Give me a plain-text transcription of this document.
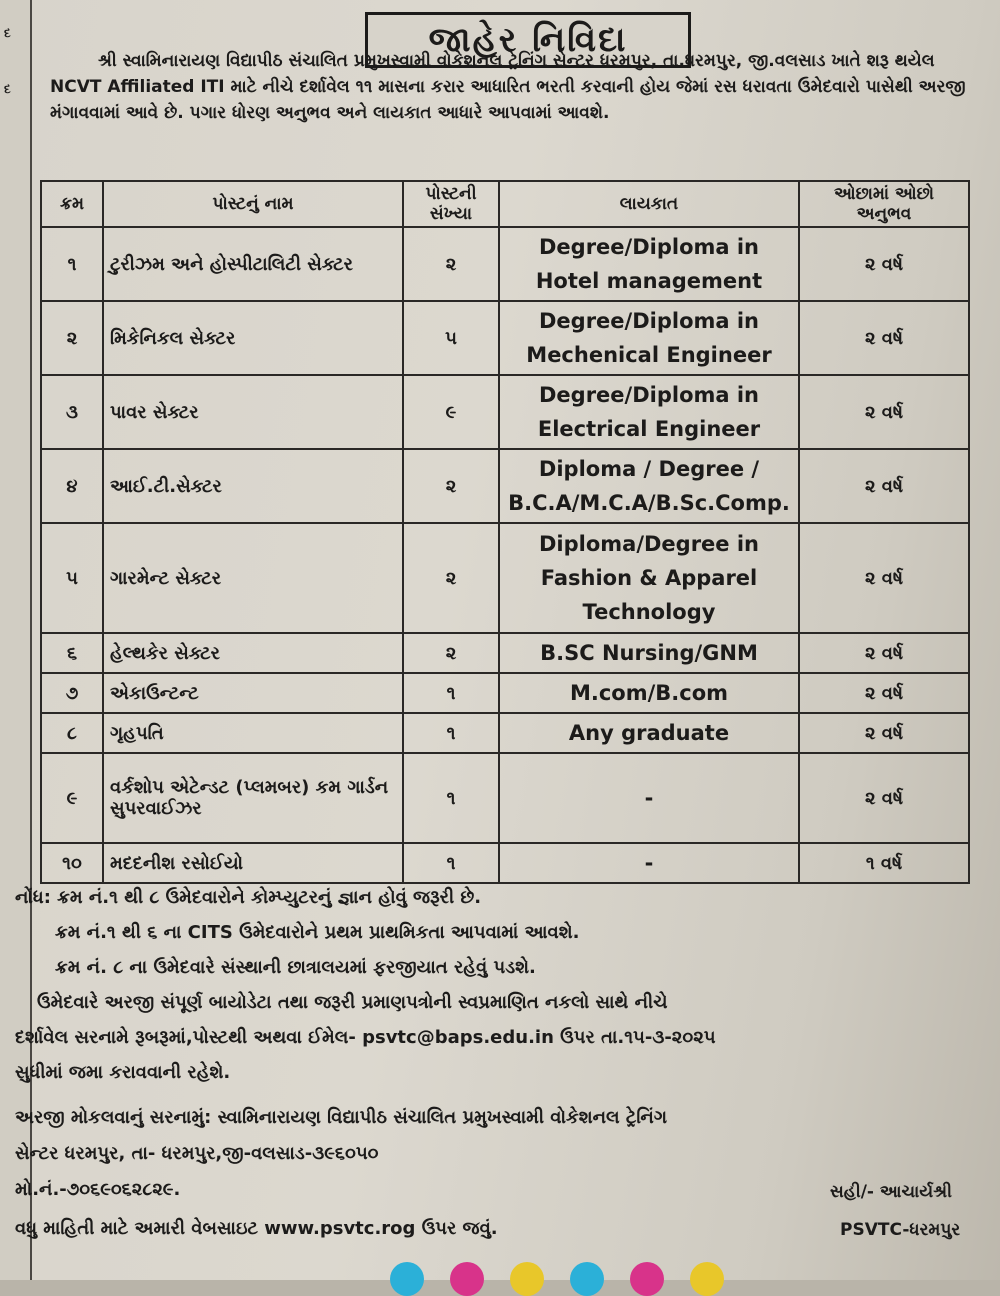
દ
દ
જાહેર નિવિદા
શ્રી સ્વામિનારાયણ વિદ્યાપીઠ સંચાલિત પ્રમુખસ્વામી વોકેશનલ ટ્રેનિંગ સેન્ટર ધરમપુર, તા.ધરમપુર, જી.વલસાડ ખાતે શરૂ થયેલ NCVT Affiliated ITI માટે નીચે દર્શાવેલ ૧૧ માસના કરાર આધારિત ભરતી કરવાની હોય જેમાં રસ ધરાવતા ઉમેદવારો પાસેથી અરજી મંગાવવામાં આવે છે. પગાર ધોરણ અનુભવ અને લાયકાત આધારે આપવામાં આવશે.
ક્રમ	પોસ્ટનું નામ	પોસ્ટની સંખ્યા	લાયકાત	ઓછામાં ઓછો અનુભવ
૧	ટુરીઝમ અને હોસ્પીટાલિટી સેક્ટર	૨	Degree/Diploma in Hotel management	૨ વર્ષ
૨	મિકેનિકલ સેક્ટર	૫	Degree/Diploma in Mechenical Engineer	૨ વર્ષ
૩	પાવર સેક્ટર	૯	Degree/Diploma in Electrical Engineer	૨ વર્ષ
૪	આઈ.ટી.સેક્ટર	૨	Diploma / Degree / B.C.A/M.C.A/B.Sc.Comp.	૨ વર્ષ
૫	ગારમેન્ટ સેક્ટર	૨	Diploma/Degree in Fashion & Apparel Technology	૨ વર્ષ
૬	હેલ્થકેર સેક્ટર	૨	B.SC Nursing/GNM	૨ વર્ષ
૭	એકાઉન્ટન્ટ	૧	M.com/B.com	૨ વર્ષ
૮	ગૃહપતિ	૧	Any graduate	૨ વર્ષ
૯	વર્કશોપ એટેન્ડટ (પ્લમબર) કમ ગાર્ડન સુપરવાઈઝર	૧	-	૨ વર્ષ
૧૦	મદદનીશ રસોઈયો	૧	-	૧ વર્ષ
નોંધ: ક્રમ નં.૧ થી ૮ ઉમેદવારોને કોમ્પ્યુટરનું જ્ઞાન હોવું જરૂરી છે.
ક્રમ નં.૧ થી ૬ ના CITS ઉમેદવારોને પ્રથમ પ્રાથમિકતા આપવામાં આવશે.
ક્રમ નં. ૮ ના ઉમેદવારે સંસ્થાની છાત્રાલયમાં ફરજીયાત રહેવું પડશે.
ઉમેદવારે અરજી સંપૂર્ણ બાયોડેટા તથા જરૂરી પ્રમાણપત્રોની સ્વપ્રમાણિત નકલો સાથે નીચે
દર્શાવેલ સરનામે રૂબરૂમાં,પોસ્ટથી અથવા ઈમેલ- psvtc@baps.edu.in ઉપર તા.૧૫-૩-૨૦૨૫
સુધીમાં જમા કરાવવાની રહેશે.
અરજી મોકલવાનું સરનામું: સ્વામિનારાયણ વિદ્યાપીઠ સંચાલિત પ્રમુખસ્વામી વોકેશનલ ટ્રેનિંગ
સેન્ટર ધરમપુર, તા- ધરમપુર,જી-વલસાડ-૩૯૬૦૫૦
મો.નં.-૭૦૬૯૦૬૨૮૨૯.
વધુ માહિતી માટે અમારી વેબસાઇટ www.psvtc.rog ઉપર જવું.
સહી/- આચાર્યશ્રી
PSVTC-ધરમપુર
